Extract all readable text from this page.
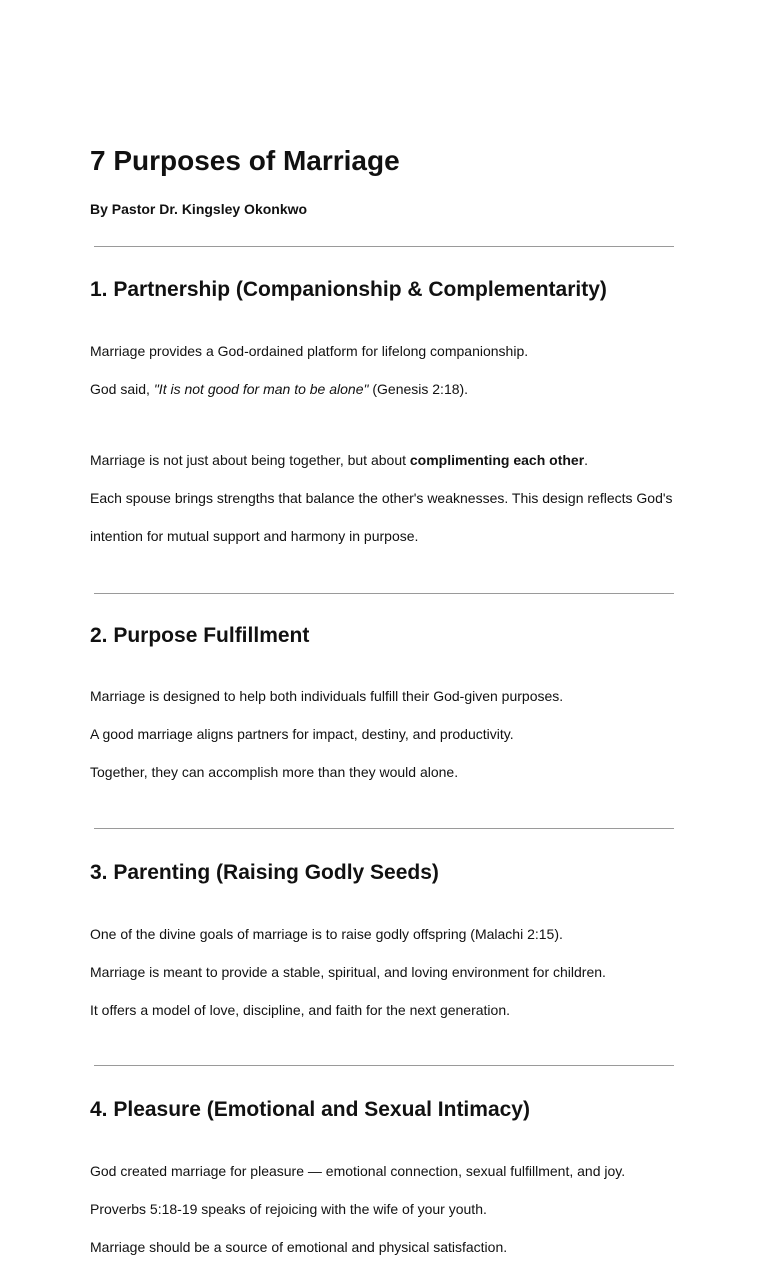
7 Purposes of Marriage

By Pastor Dr. Kingsley Okonkwo

1. Partnership (Companionship & Complementarity)

Marriage provides a God-ordained platform for lifelong companionship.

God said, "It is not good for man to be alone" (Genesis 2:18).

Marriage is not just about being together, but about complimenting each other.

Each spouse brings strengths that balance the other's weaknesses. This design reflects God's

intention for mutual support and harmony in purpose.

2. Purpose Fulfillment

Marriage is designed to help both individuals fulfill their God-given purposes.

A good marriage aligns partners for impact, destiny, and productivity.

Together, they can accomplish more than they would alone.

3. Parenting (Raising Godly Seeds)

One of the divine goals of marriage is to raise godly offspring (Malachi 2:15).

Marriage is meant to provide a stable, spiritual, and loving environment for children.

It offers a model of love, discipline, and faith for the next generation.

4. Pleasure (Emotional and Sexual Intimacy)

God created marriage for pleasure — emotional connection, sexual fulfillment, and joy.

Proverbs 5:18-19 speaks of rejoicing with the wife of your youth.

Marriage should be a source of emotional and physical satisfaction.
